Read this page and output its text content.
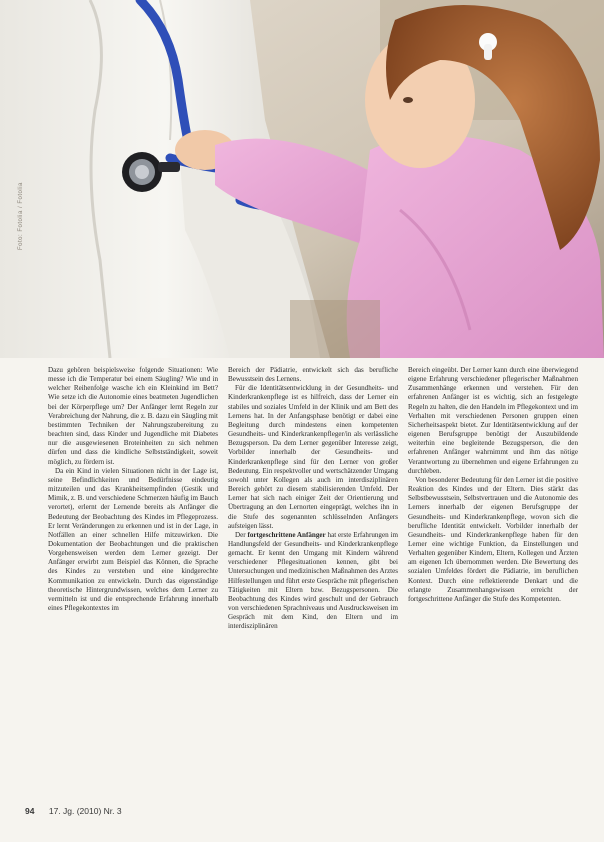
Foto: Fotolia / Fotolia

Dazu gehören beispielsweise folgende Situationen: Wie messe ich die Temperatur bei einem Säugling? Wie und in welcher Reihenfolge wasche ich ein Kleinkind im Bett? Wie setze ich die Autonomie eines beatmeten Jugendlichen bei der Körperpflege um? Der Anfänger lernt Regeln zur Verabreichung der Nahrung, die z. B. dazu ein Säugling mit bestimmten Techniken der Nahrungszubereitung zu beachten sind, dass Kinder und Jugendliche mit Diabetes nur die ausgewiesenen Broteinheiten zu sich nehmen dürfen und dass die kindliche Selbstständigkeit, soweit möglich, zu fördern ist.

Da ein Kind in vielen Situationen nicht in der Lage ist, seine Befindlichkeiten und Bedürfnisse eindeutig mitzuteilen und das Krankheitsempfinden (Gestik und Mimik, z. B. und verschiedene Schmerzen häufig im Bauch verortet), erlernt der Lernende bereits als Anfänger die Bedeutung der Beobachtung des Kindes im Pflegeprozess. Er lernt Veränderungen zu erkennen und ist in der Lage, in Notfällen an einer schnellen Hilfe mitzuwirken. Die Dokumentation der Beobachtungen und die praktischen Vorgehensweisen werden dem Lerner gezeigt. Der Anfänger erwirbt zum Beispiel das Können, die Sprache des Kindes zu verstehen und eine kindgerechte Kommunikation zu entwickeln. Durch das eigenständige theoretische Hintergrundwissen, welches dem Lerner zu vermitteln ist und die entsprechende Erfahrung innerhalb eines Pflegekontextes im

Bereich der Pädiatrie, entwickelt sich das berufliche Bewusstsein des Lernens.

Für die Identitätsentwicklung in der Gesundheits- und Kinderkrankenpflege ist es hilfreich, dass der Lerner ein stabiles und soziales Umfeld in der Klinik und am Bett des Lernens hat. In der Anfangsphase benötigt er dabei eine Begleitung durch mindestens einen kompetenten Gesundheits- und Kinderkrankenpfleger/in als verlässliche Bezugsperson. Da dem Lerner gegenüber Interesse zeigt, Vorbilder innerhalb der Gesundheits- und Kinderkrankenpflege sind für den Lerner von großer Bedeutung. Ein respektvoller und wertschätzender Umgang sowohl unter Kollegen als auch im interdisziplinären Bereich gehört zu diesem stabilisierenden Umfeld. Der Lerner hat sich nach einiger Zeit der Orientierung und Übertragung an den Lernorten eingeprägt, welches ihn in die Stufe des sogenannten schlüsselnden Anfängers aufsteigen lässt.

Der fortgeschrittene Anfänger hat erste Erfahrungen im Handlungsfeld der Gesundheits- und Kinderkrankenpflege gemacht. Er kennt den Umgang mit Kindern während verschiedener Pflegesituationen kennen, gibt bei Untersuchungen und medizinischen Maßnahmen des Arztes Hilfestellungen und führt erste Gespräche mit pflegerischen Tätigkeiten mit Eltern bzw. Bezugspersonen. Die Beobachtung des Kindes wird geschult und der Gebrauch von verschiedenen Sprachniveaus und Ausdrucksweisen im Gespräch mit dem Kind, den Eltern und im interdisziplinären

Bereich eingeübt. Der Lerner kann durch eine überwiegend eigene Erfahrung verschiedener pflegerischer Maßnahmen Zusammenhänge erkennen und verstehen. Für den erfahrenen Anfänger ist es wichtig, sich an festgelegte Regeln zu halten, die den Handeln im Pflegekontext und im Verhalten mit verschiedenen Personen gruppen einen Sicherheitsaspekt bietet. Zur Identitätsentwicklung auf der eigenen Berufsgruppe benötigt der Auszubildende weiterhin eine begleitende Bezugsperson, die den erfahrenen Anfänger wahrnimmt und ihm das nötige Verantwortung zu übernehmen und eigene Erfahrungen zu durchleben.

Von besonderer Bedeutung für den Lerner ist die positive Reaktion des Kindes und der Eltern. Dies stärkt das Selbstbewusstsein, Selbstvertrauen und die Autonomie des Lerners innerhalb der eigenen Berufsgruppe der Gesundheits- und Kinderkrankenpflege, wovon sich die berufliche Identität entwickelt. Vorbilder innerhalb der Gesundheits- und Kinderkrankenpflege haben für den Lerner eine wichtige Funktion, da Einstellungen und Verhalten gegenüber Kindern, Eltern, Kollegen und Ärzten am eigenen Ich übernommen werden. Die Bewertung des sozialen Umfeldes fördert die Pädiatrie, im beruflichen Kontext. Durch eine reflektierende Denkart und die erlangte Zusammenhangswissen erreicht der fortgeschrittene Anfänger die Stufe des Kompetenten.

94 17. Jg. (2010) Nr. 3
